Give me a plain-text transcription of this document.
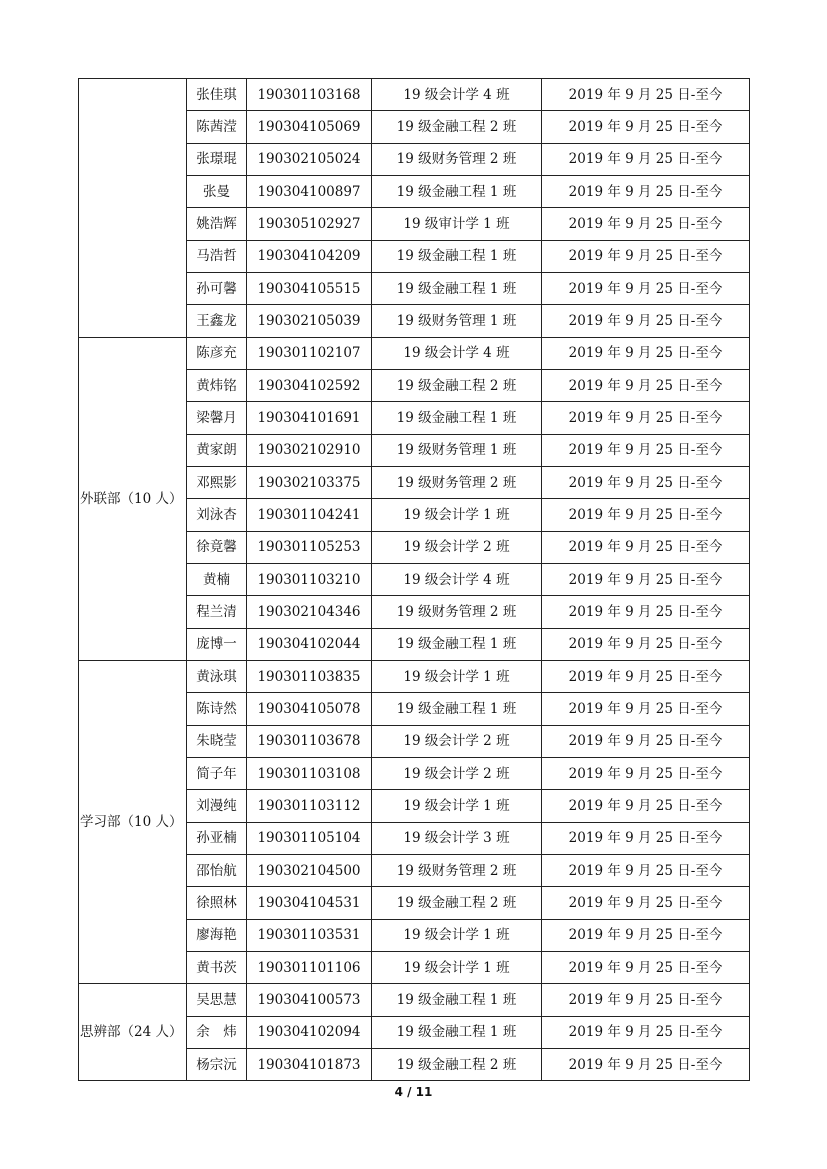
	张佳琪	190301103168	19 级会计学 4 班	2019 年 9 月 25 日-至今
	陈茜滢	190304105069	19 级金融工程 2 班	2019 年 9 月 25 日-至今
	张璟琨	190302105024	19 级财务管理 2 班	2019 年 9 月 25 日-至今
	张曼	190304100897	19 级金融工程 1 班	2019 年 9 月 25 日-至今
	姚浩辉	190305102927	19 级审计学 1 班	2019 年 9 月 25 日-至今
	马浩哲	190304104209	19 级金融工程 1 班	2019 年 9 月 25 日-至今
	孙可馨	190304105515	19 级金融工程 1 班	2019 年 9 月 25 日-至今
	王鑫龙	190302105039	19 级财务管理 1 班	2019 年 9 月 25 日-至今
外联部（10 人）	陈彦充	190301102107	19 级会计学 4 班	2019 年 9 月 25 日-至今
	黄炜铭	190304102592	19 级金融工程 2 班	2019 年 9 月 25 日-至今
	梁馨月	190304101691	19 级金融工程 1 班	2019 年 9 月 25 日-至今
	黄家朗	190302102910	19 级财务管理 1 班	2019 年 9 月 25 日-至今
	邓熙影	190302103375	19 级财务管理 2 班	2019 年 9 月 25 日-至今
	刘泳杏	190301104241	19 级会计学 1 班	2019 年 9 月 25 日-至今
	徐竟馨	190301105253	19 级会计学 2 班	2019 年 9 月 25 日-至今
	黄楠	190301103210	19 级会计学 4 班	2019 年 9 月 25 日-至今
	程兰清	190302104346	19 级财务管理 2 班	2019 年 9 月 25 日-至今
	庞博一	190304102044	19 级金融工程 1 班	2019 年 9 月 25 日-至今
学习部（10 人）	黄泳琪	190301103835	19 级会计学 1 班	2019 年 9 月 25 日-至今
	陈诗然	190304105078	19 级金融工程 1 班	2019 年 9 月 25 日-至今
	朱晓莹	190301103678	19 级会计学 2 班	2019 年 9 月 25 日-至今
	简子年	190301103108	19 级会计学 2 班	2019 年 9 月 25 日-至今
	刘漫纯	190301103112	19 级会计学 1 班	2019 年 9 月 25 日-至今
	孙亚楠	190301105104	19 级会计学 3 班	2019 年 9 月 25 日-至今
	邵怡航	190302104500	19 级财务管理 2 班	2019 年 9 月 25 日-至今
	徐照林	190304104531	19 级金融工程 2 班	2019 年 9 月 25 日-至今
	廖海艳	190301103531	19 级会计学 1 班	2019 年 9 月 25 日-至今
	黄书茨	190301101106	19 级会计学 1 班	2019 年 9 月 25 日-至今
思辨部（24 人）	吴思慧	190304100573	19 级金融工程 1 班	2019 年 9 月 25 日-至今
	余　炜	190304102094	19 级金融工程 1 班	2019 年 9 月 25 日-至今
	杨宗沅	190304101873	19 级金融工程 2 班	2019 年 9 月 25 日-至今
4 / 11
